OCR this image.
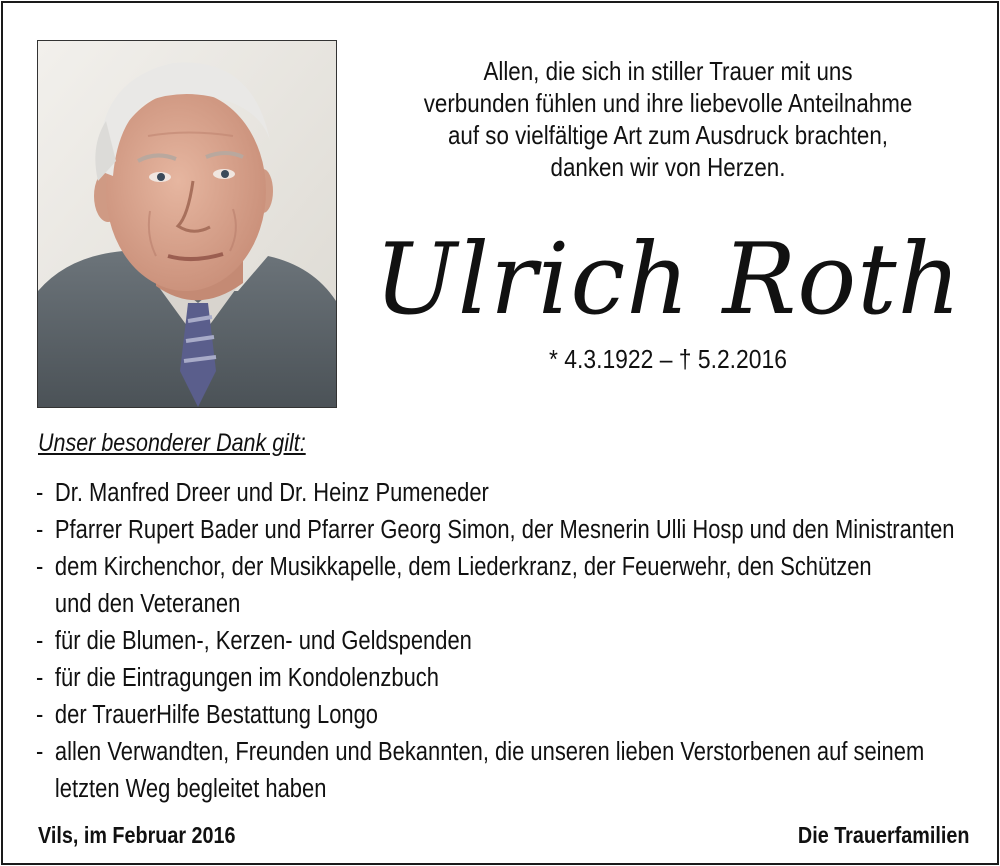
Allen, die sich in stiller Trauer mit uns
verbunden fühlen und ihre liebevolle Anteilnahme
auf so vielfältige Art zum Ausdruck brachten,
danken wir von Herzen.
Ulrich Roth
* 4.3.1922 – † 5.2.2016
Unser besonderer Dank gilt:
- Dr. Manfred Dreer und Dr. Heinz Pumeneder
- Pfarrer Rupert Bader und Pfarrer Georg Simon, der Mesnerin Ulli Hosp und den Ministranten
- dem Kirchenchor, der Musikkapelle, dem Liederkranz, der Feuerwehr, den Schützen
und den Veteranen
- für die Blumen-, Kerzen- und Geldspenden
- für die Eintragungen im Kondolenzbuch
- der TrauerHilfe Bestattung Longo
- allen Verwandten, Freunden und Bekannten, die unseren lieben Verstorbenen auf seinem
letzten Weg begleitet haben
Vils, im Februar 2016	Die Trauerfamilien
